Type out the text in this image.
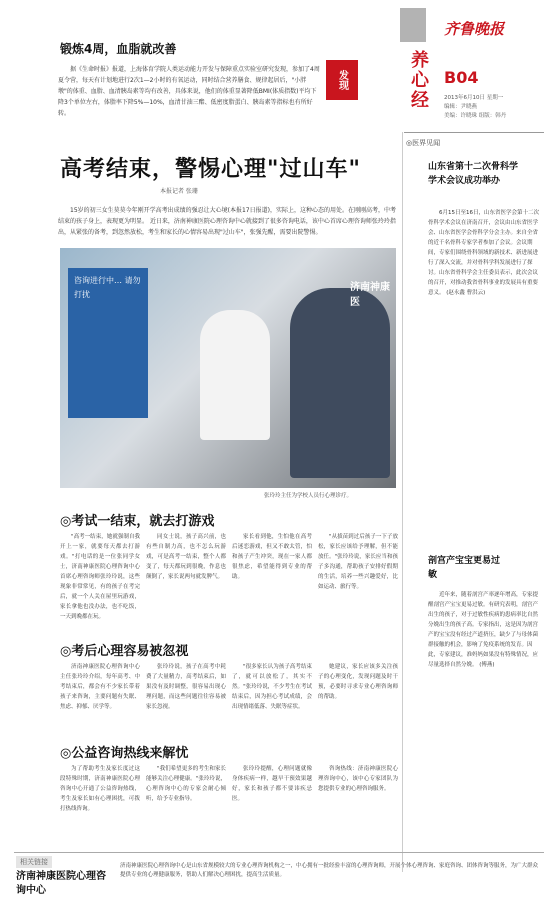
齐鲁晚报
养心经 B04
2013年6月10日 星期一
编辑：尹晓燕
美编：许晓珠 组版：韩丹
锻炼4周，血脂就改善
发现
据《生命时报》报道，上海体育学院人类运动能力开发与保障重点实验室研究发现，参加了4周夏令营，每天有计划地进行2次1—2小时的有氧运动，同时结合营养膳食、规律起居后，"小胖墩"的体重、血脂、血清胰岛素等均有改善，具体来说，他们的体重显著降低BMI(体质指数)平均下降3个单位左右，体脂率下降5%—10%，血清甘油三酯、低密度脂蛋白、胰岛素等指标也有所好转。
高考结束，警惕心理"过山车"
本报记者 张珊
15岁的初三女生莫莫今年刚开学高考出成绩的强忍让大心境(本报17日报道)，实际上，这种心态的用处。在刚刚高考，中考结束的孩子身上，表现更为明显。 近日来，济南神康医院心理咨询中心就接到了很多咨询电话，该中心首席心理咨询师张玲玲指出，从紧张的备考，到忽然放松，考生和家长的心情容易出现"过山车"，张强先醒，需要出院警惕。
咨询进行中… 请勿打扰
济南神康医
张玲玲主任为学校人员行心理诊疗。
◎考试一结束，就去打游戏
"高考一结束，她就强制自我开上一家，就要每天都去打游戏。"打电话的是一位张同学女士，济南神康医院心理咨询中心首席心理咨询师张玲玲说，这些现象非常常见，有的孩子在考完后，就一个人关在屋里玩游戏，家长拿他也没办法，也不吃饭，一天到晚都在玩。
同女士说，孩子高兴前，也有些自制力高，也不怎么玩游戏，可是高考一结束，整个人都变了，每天都玩到很晚，作息也颠倒了，家长说两句就发脾气。
家长看到他，生怕他在高考后迷恋游戏，但又不敢太管，怕和孩子产生冲突，现在一家人都很焦虑，希望能得到专业的帮助。
"从拔苗到过后孩子一下子放松，家长应该给予理解，但不能放任。"张玲玲说，家长应当和孩子多沟通，帮助孩子安排好假期的生活，培养一些兴趣爱好，比如运动、旅行等。
◎考后心理容易被忽视
济南神康医院心理咨询中心主任张玲玲介绍，每年高考、中考结束后，都会有不少家长带着孩子来咨询，主要问题有失眠、焦虑、抑郁、厌学等。
张玲玲说，孩子在高考中耗费了大量精力，高考结束后，如果没有及时调整，很容易出现心理问题，而这些问题往往容易被家长忽视。
"很多家长认为孩子高考结束了，就可以放松了，其实不然。"张玲玲说，不少考生在考试结束后，因为担心考试成绩，会出现情绪低落、失眠等症状。
她建议，家长应该多关注孩子的心理变化，发现问题及时干预，必要时寻求专业心理咨询师的帮助。
◎公益咨询热线来解忧
为了帮助考生及家长度过这段特殊时期，济南神康医院心理咨询中心开通了公益咨询热线，考生及家长如有心理困扰，可拨打热线咨询。
"我们希望更多的考生和家长能够关注心理健康。"张玲玲说，心理咨询中心的专家会耐心倾听，给予专业指导。
张玲玲提醒，心理问题就像身体疾病一样，越早干预效果越好，家长和孩子都不要讳疾忌医。
咨询热线：济南神康医院心理咨询中心，该中心专家团队为您提供专业的心理咨询服务。
◎医界见闻
山东省第十二次骨科学学术会议成功举办
6月15日至16日，山东省医学会第十二次骨科学术会议在济南召开，会议由山东省医学会、山东省医学会骨科学分会主办。来自全省的近千名骨科专家学者参加了会议。会议期间，专家们围绕骨科领域的新技术、新进展进行了深入交流，并对骨科学科发展进行了探讨。山东省骨科学会主任委员表示，此次会议的召开，对推动我省骨科事业的发展具有重要意义。 (赵永鑫 曹洪云)
剖宫产宝宝更易过敏
近年来，随着剖宫产率逐年增高，专家提醒剖宫产宝宝更易过敏。有研究表明，剖宫产出生的孩子，对于过敏性疾病的患病率比自然分娩出生的孩子高。专家指出，这是因为剖宫产的宝宝没有经过产道挤压，缺少了与母体菌群接触的机会，影响了免疫系统的发育。因此，专家建议，准妈妈如果没有特殊情况，应尽量选择自然分娩。 (傅燕)
相关链接
济南神康医院心理咨询中心
济南神康医院心理咨询中心是山东省规模较大的专业心理咨询机构之一，中心拥有一批经验丰富的心理咨询师，开展个体心理咨询、家庭咨询、团体咨询等服务，为广大群众提供专业的心理健康服务，帮助人们解决心理困扰，提高生活质量。
